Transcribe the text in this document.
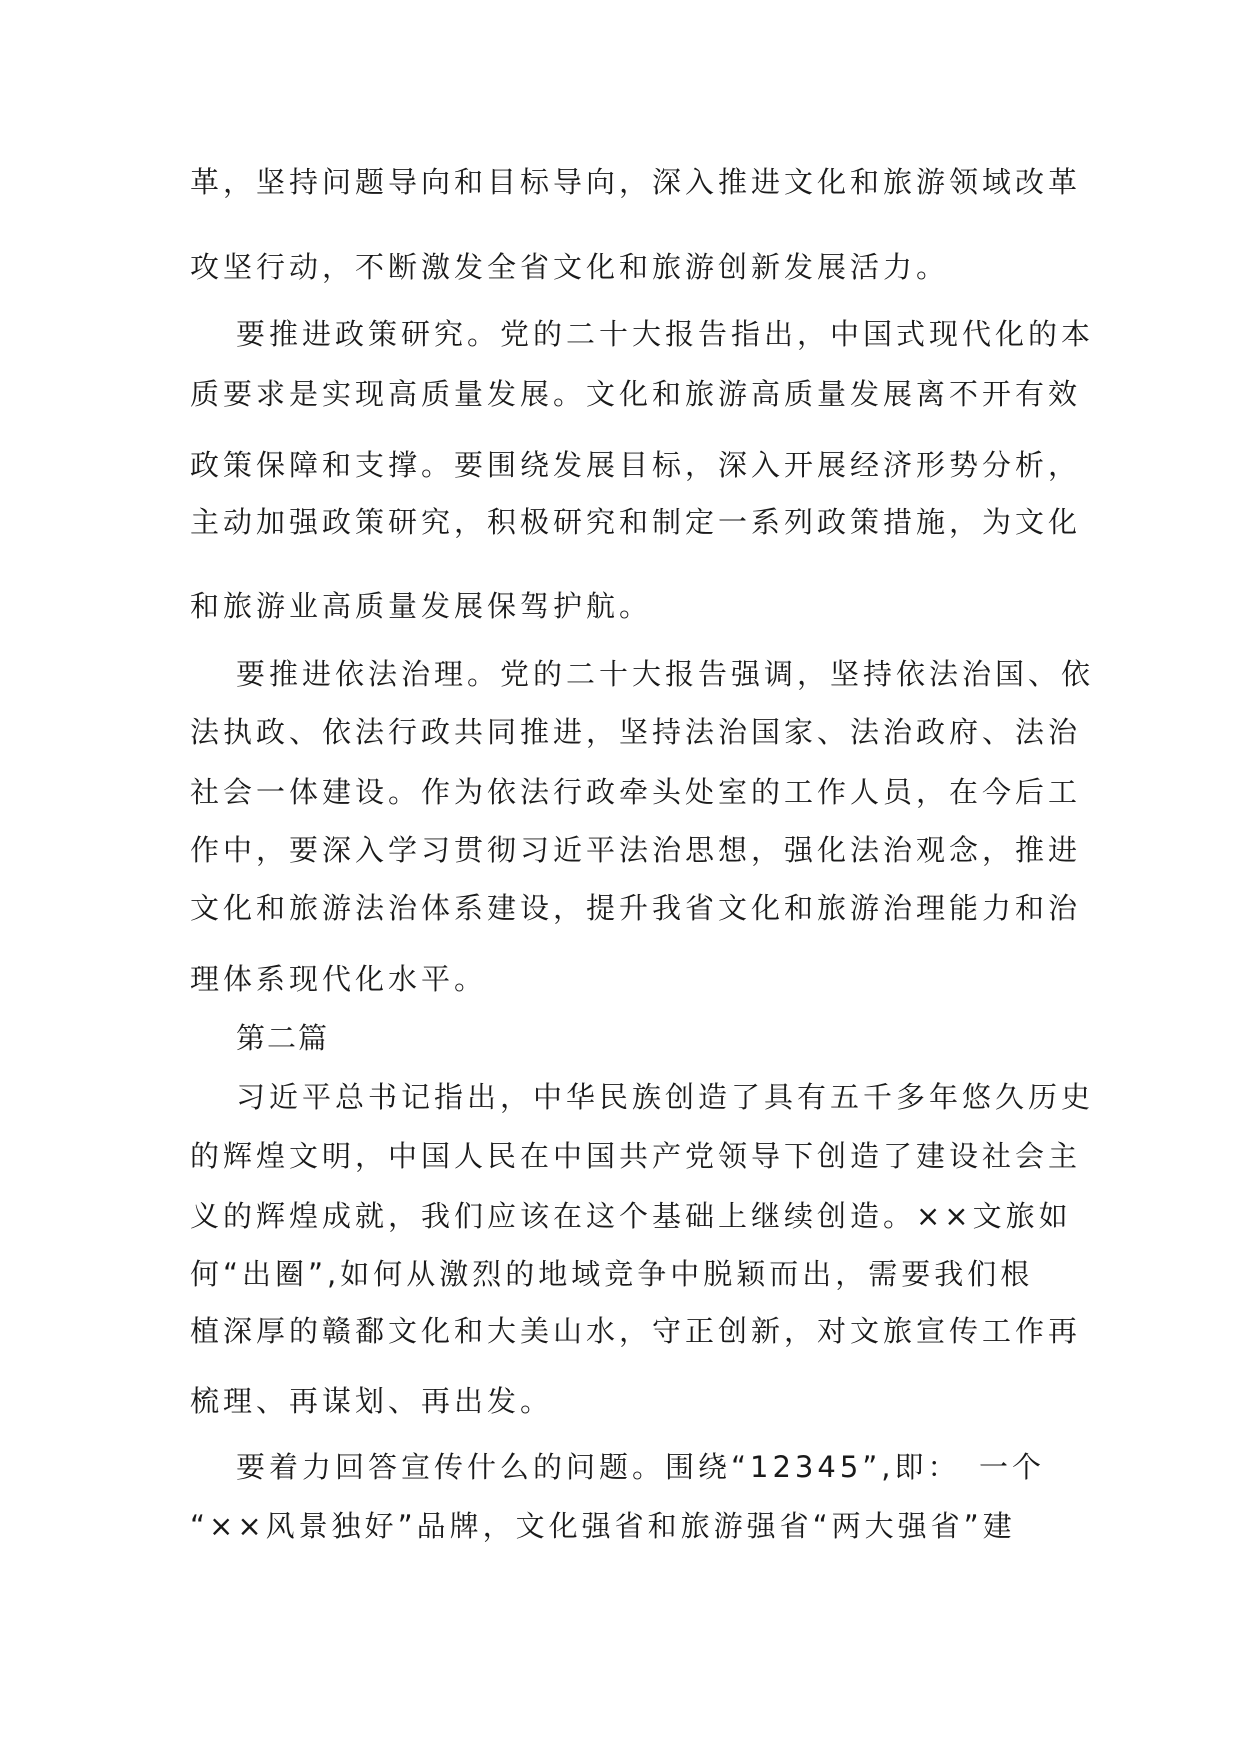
革，坚持问题导向和目标导向，深入推进文化和旅游领域改革
攻坚行动，不断激发全省文化和旅游创新发展活力。
要推进政策研究。党的二十大报告指出，中国式现代化的本
质要求是实现高质量发展。文化和旅游高质量发展离不开有效
政策保障和支撑。要围绕发展目标，深入开展经济形势分析，
主动加强政策研究，积极研究和制定一系列政策措施，为文化
和旅游业高质量发展保驾护航。
要推进依法治理。党的二十大报告强调，坚持依法治国、依
法执政、依法行政共同推进，坚持法治国家、法治政府、法治
社会一体建设。作为依法行政牵头处室的工作人员，在今后工
作中，要深入学习贯彻习近平法治思想，强化法治观念，推进
文化和旅游法治体系建设，提升我省文化和旅游治理能力和治
理体系现代化水平。
第二篇
习近平总书记指出，中华民族创造了具有五千多年悠久历史
的辉煌文明，中国人民在中国共产党领导下创造了建设社会主
义的辉煌成就，我们应该在这个基础上继续创造。××文旅如
何“出圈”,如何从激烈的地域竞争中脱颖而出，需要我们根
植深厚的赣鄱文化和大美山水，守正创新，对文旅宣传工作再
梳理、再谋划、再出发。
要着力回答宣传什么的问题。围绕“12345”,即：　一个
“××风景独好”品牌，文化强省和旅游强省“两大强省”建
